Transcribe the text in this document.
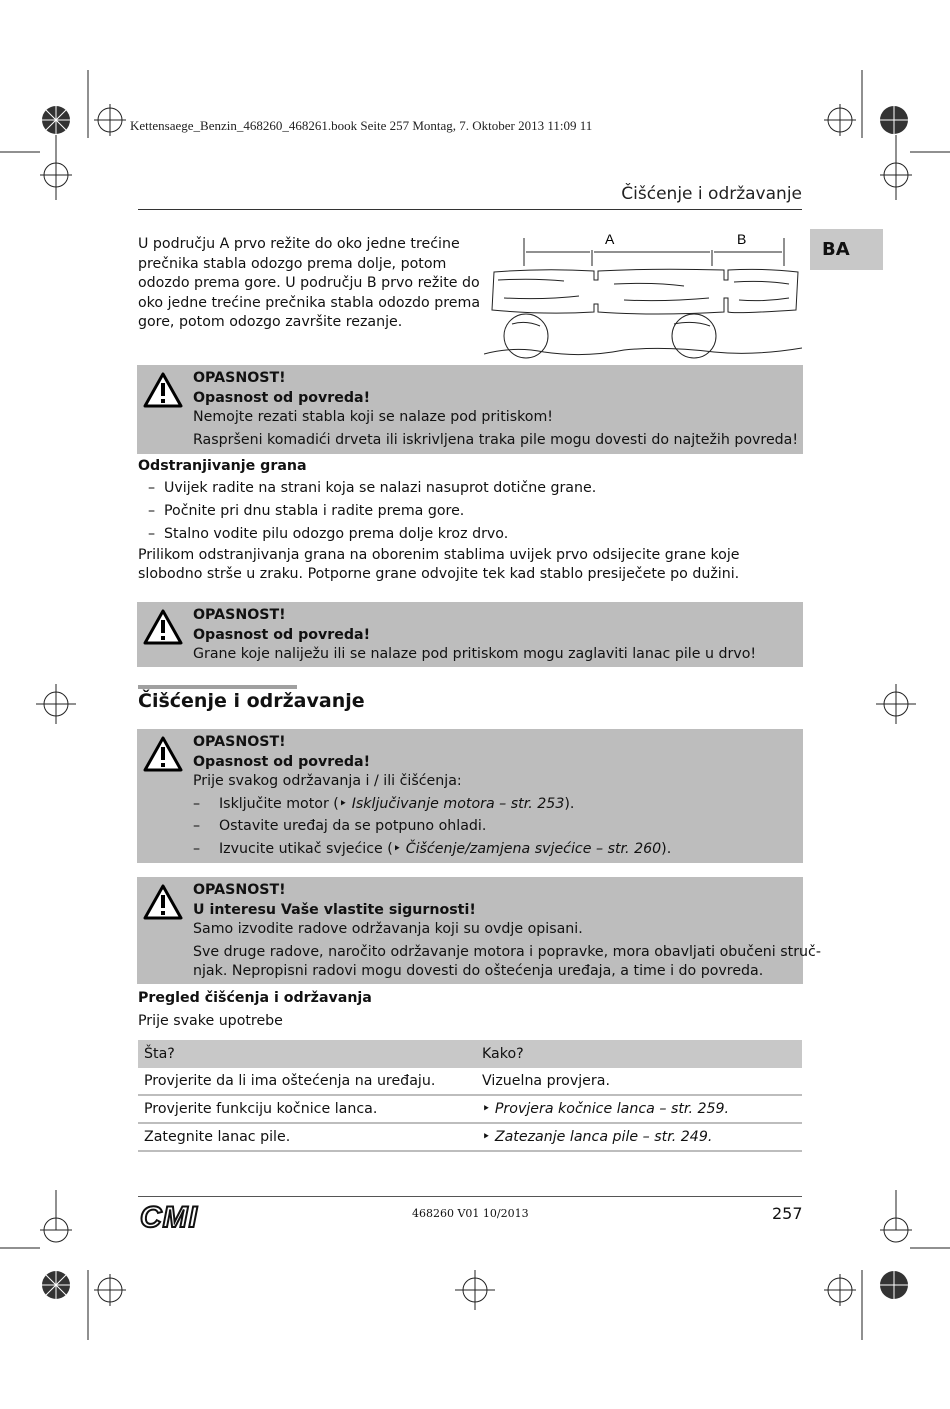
Kettensaege_Benzin_468260_468261.book Seite 257 Montag, 7. Oktober 2013 11:09 11
Čišćenje i održavanje
BA
U području A prvo režite do oko jedne trećine prečnika stabla odozgo prema dolje, potom odozdo prema gore. U području B prvo režite do oko jedne trećine prečnika stabla odozdo prema gore, potom odozgo završite rezanje.
A	B
OPASNOST!
Opasnost od povreda!
Nemojte rezati stabla koji se nalaze pod pritiskom!
Raspršeni komadići drveta ili iskrivljena traka pile mogu dovesti do najtežih povreda!
Odstranjivanje grana
– Uvijek radite na strani koja se nalazi nasuprot dotične grane.
– Počnite pri dnu stabla i radite prema gore.
– Stalno vodite pilu odozgo prema dolje kroz drvo.
Prilikom odstranjivanja grana na oborenim stablima uvijek prvo odsijecite grane koje slobodno strše u zraku. Potporne grane odvojite tek kad stablo presiječete po dužini.
OPASNOST!
Opasnost od povreda!
Grane koje naliježu ili se nalaze pod pritiskom mogu zaglaviti lanac pile u drvo!
Čišćenje i održavanje
OPASNOST!
Opasnost od povreda!
Prije svakog održavanja i / ili čišćenja:
– Isključite motor (‣ Isključivanje motora – str. 253).
– Ostavite uređaj da se potpuno ohladi.
– Izvucite utikač svjećice (‣ Čišćenje/zamjena svjećice – str. 260).
OPASNOST!
U interesu Vaše vlastite sigurnosti!
Samo izvodite radove održavanja koji su ovdje opisani.
Sve druge radove, naročito održavanje motora i popravke, mora obavljati obučeni struč-
njak. Nepropisni radovi mogu dovesti do oštećenja uređaja, a time i do povreda.
Pregled čišćenja i održavanja
Prije svake upotrebe
Šta?	Kako?
Provjerite da li ima oštećenja na uređaju.	Vizuelna provjera.
Provjerite funkciju kočnice lanca.	‣ Provjera kočnice lanca – str. 259.
Zategnite lanac pile.	‣ Zatezanje lanca pile – str. 249.
CMI	468260 V01 10/2013	257
